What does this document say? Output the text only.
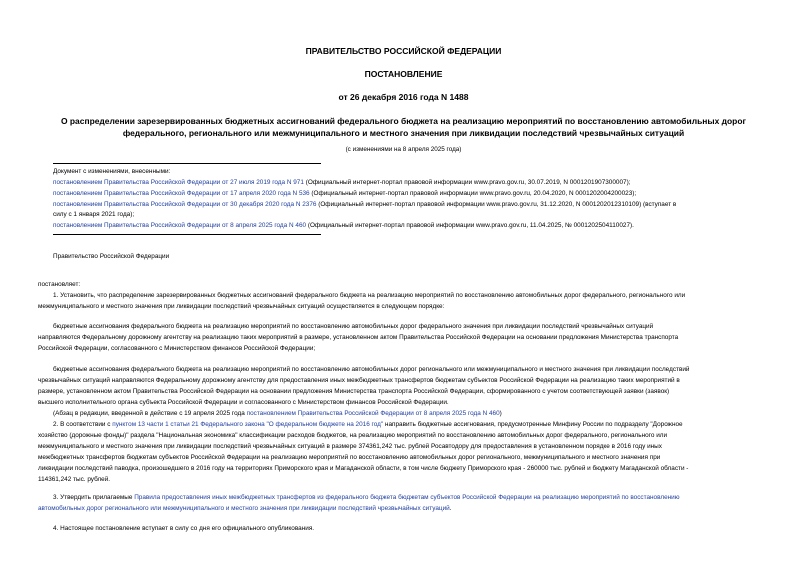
ПРАВИТЕЛЬСТВО РОССИЙСКОЙ ФЕДЕРАЦИИ
ПОСТАНОВЛЕНИЕ
от 26 декабря 2016 года N 1488
О распределении зарезервированных бюджетных ассигнований федерального бюджета на реализацию мероприятий по восстановлению автомобильных дорог
федерального, регионального или межмуниципального и местного значения при ликвидации последствий чрезвычайных ситуаций
(с изменениями на 8 апреля 2025 года)
Документ с изменениями, внесенными:
постановлением Правительства Российской Федерации от 27 июля 2019 года N 971 (Официальный интернет-портал правовой информации www.pravo.gov.ru, 30.07.2019, N 0001201907300007);
постановлением Правительства Российской Федерации от 17 апреля 2020 года N 536 (Официальный интернет-портал правовой информации www.pravo.gov.ru, 20.04.2020, N 0001202004200023);
постановлением Правительства Российской Федерации от 30 декабря 2020 года N 2376 (Официальный интернет-портал правовой информации www.pravo.gov.ru, 31.12.2020, N 0001202012310109) (вступает в
силу с 1 января 2021 года);
постановлением Правительства Российской Федерации от 8 апреля 2025 года N 460 (Официальный интернет-портал правовой информации www.pravo.gov.ru, 11.04.2025, № 0001202504110027).
Правительство Российской Федерации
постановляет:
1. Установить, что распределение зарезервированных бюджетных ассигнований федерального бюджета на реализацию мероприятий по восстановлению автомобильных дорог федерального, регионального или
межмуниципального и местного значения при ликвидации последствий чрезвычайных ситуаций осуществляется в следующем порядке:
бюджетные ассигнования федерального бюджета на реализацию мероприятий по восстановлению автомобильных дорог федерального значения при ликвидации последствий чрезвычайных ситуаций
направляются Федеральному дорожному агентству на реализацию таких мероприятий в размере, установленном актом Правительства Российской Федерации на основании предложения Министерства транспорта
Российской Федерации, согласованного с Министерством финансов Российской Федерации;
бюджетные ассигнования федерального бюджета на реализацию мероприятий по восстановлению автомобильных дорог регионального или межмуниципального и местного значения при ликвидации последствий
чрезвычайных ситуаций направляются Федеральному дорожному агентству для предоставления иных межбюджетных трансфертов бюджетам субъектов Российской Федерации на реализацию таких мероприятий в
размере, установленном актом Правительства Российской Федерации на основании предложения Министерства транспорта Российской Федерации, сформированного с учетом соответствующей заявки (заявок)
высшего исполнительного органа субъекта Российской Федерации и согласованного с Министерством финансов Российской Федерации.
(Абзац в редакции, введенной в действие с 19 апреля 2025 года постановлением Правительства Российской Федерации от 8 апреля 2025 года N 460)
2. В соответствии с пунктом 13 части 1 статьи 21 Федерального закона "О федеральном бюджете на 2016 год" направить бюджетные ассигнования, предусмотренные Минфину России по подразделу "Дорожное
хозяйство (дорожные фонды)" раздела "Национальная экономика" классификации расходов бюджетов, на реализацию мероприятий по восстановлению автомобильных дорог федерального, регионального или
межмуниципального и местного значения при ликвидации последствий чрезвычайных ситуаций в размере 374361,242 тыс. рублей Росавтодору для предоставления в установленном порядке в 2016 году иных
межбюджетных трансфертов бюджетам субъектов Российской Федерации на реализацию мероприятий по восстановлению автомобильных дорог регионального, межмуниципального и местного значения при
ликвидации последствий паводка, произошедшего в 2016 году на территориях Приморского края и Магаданской области, в том числе бюджету Приморского края - 260000 тыс. рублей и бюджету Магаданской области -
114361,242 тыс. рублей.
3. Утвердить прилагаемые Правила предоставления иных межбюджетных трансфертов из федерального бюджета бюджетам субъектов Российской Федерации на реализацию мероприятий по восстановлению
автомобильных дорог регионального или межмуниципального и местного значения при ликвидации последствий чрезвычайных ситуаций.
4. Настоящее постановление вступает в силу со дня его официального опубликования.
